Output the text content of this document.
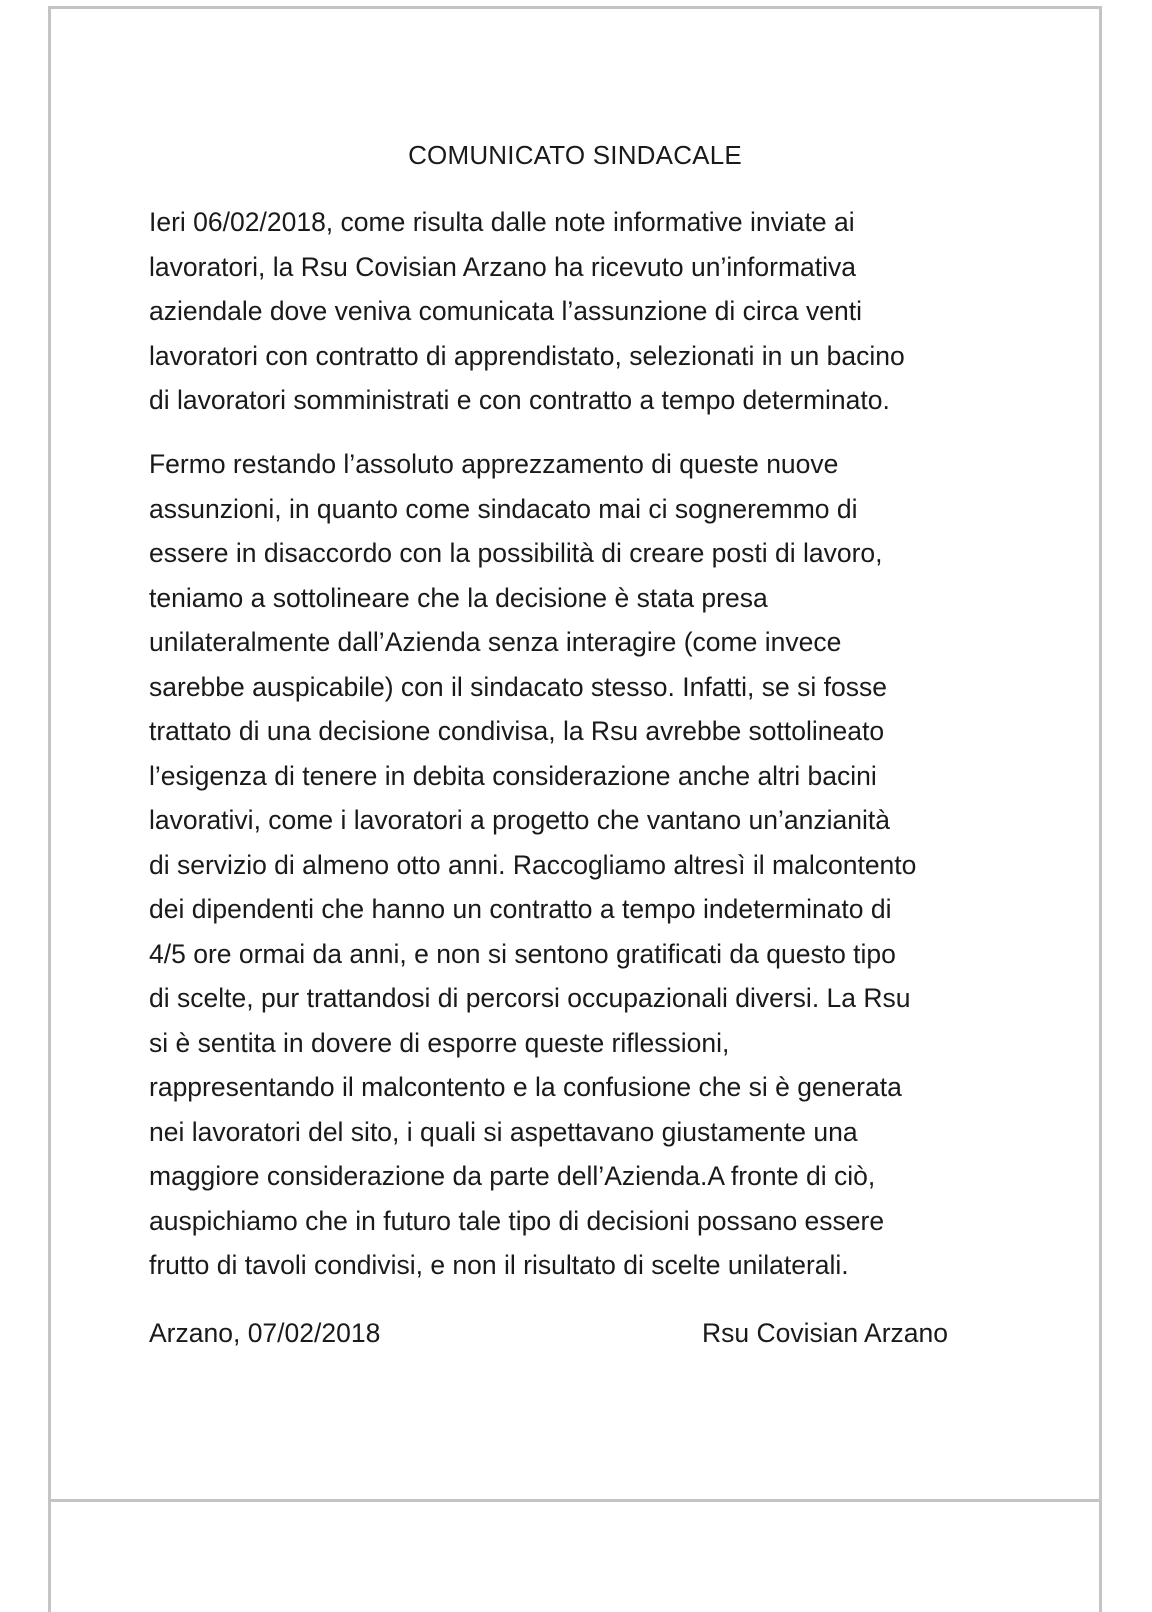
COMUNICATO SINDACALE
Ieri 06/02/2018, come risulta dalle note informative inviate ai
lavoratori, la Rsu Covisian Arzano ha ricevuto un’informativa
aziendale dove veniva comunicata l’assunzione di circa venti
lavoratori con contratto di apprendistato, selezionati in un bacino
di lavoratori somministrati e con contratto a tempo determinato.
Fermo restando l’assoluto apprezzamento di queste nuove
assunzioni, in quanto come sindacato mai ci sogneremmo di
essere in disaccordo con la possibilità di creare posti di lavoro,
teniamo a sottolineare che la decisione è stata presa
unilateralmente dall’Azienda senza interagire (come invece
sarebbe auspicabile) con il sindacato stesso. Infatti, se si fosse
trattato di una decisione condivisa, la Rsu avrebbe sottolineato
l’esigenza di tenere in debita considerazione anche altri bacini
lavorativi, come i lavoratori a progetto che vantano un’anzianità
di servizio di almeno otto anni. Raccogliamo altresì il malcontento
dei dipendenti che hanno un contratto a tempo indeterminato di
4/5 ore ormai da anni, e non si sentono gratificati da questo tipo
di scelte, pur trattandosi di percorsi occupazionali diversi. La Rsu
si è sentita in dovere di esporre queste riflessioni,
rappresentando il malcontento e la confusione che si è generata
nei lavoratori del sito, i quali si aspettavano giustamente una
maggiore considerazione da parte dell’Azienda.A fronte di ciò,
auspichiamo che in futuro tale tipo di decisioni possano essere
frutto di tavoli condivisi, e non il risultato di scelte unilaterali.
Arzano, 07/02/2018	Rsu Covisian Arzano
